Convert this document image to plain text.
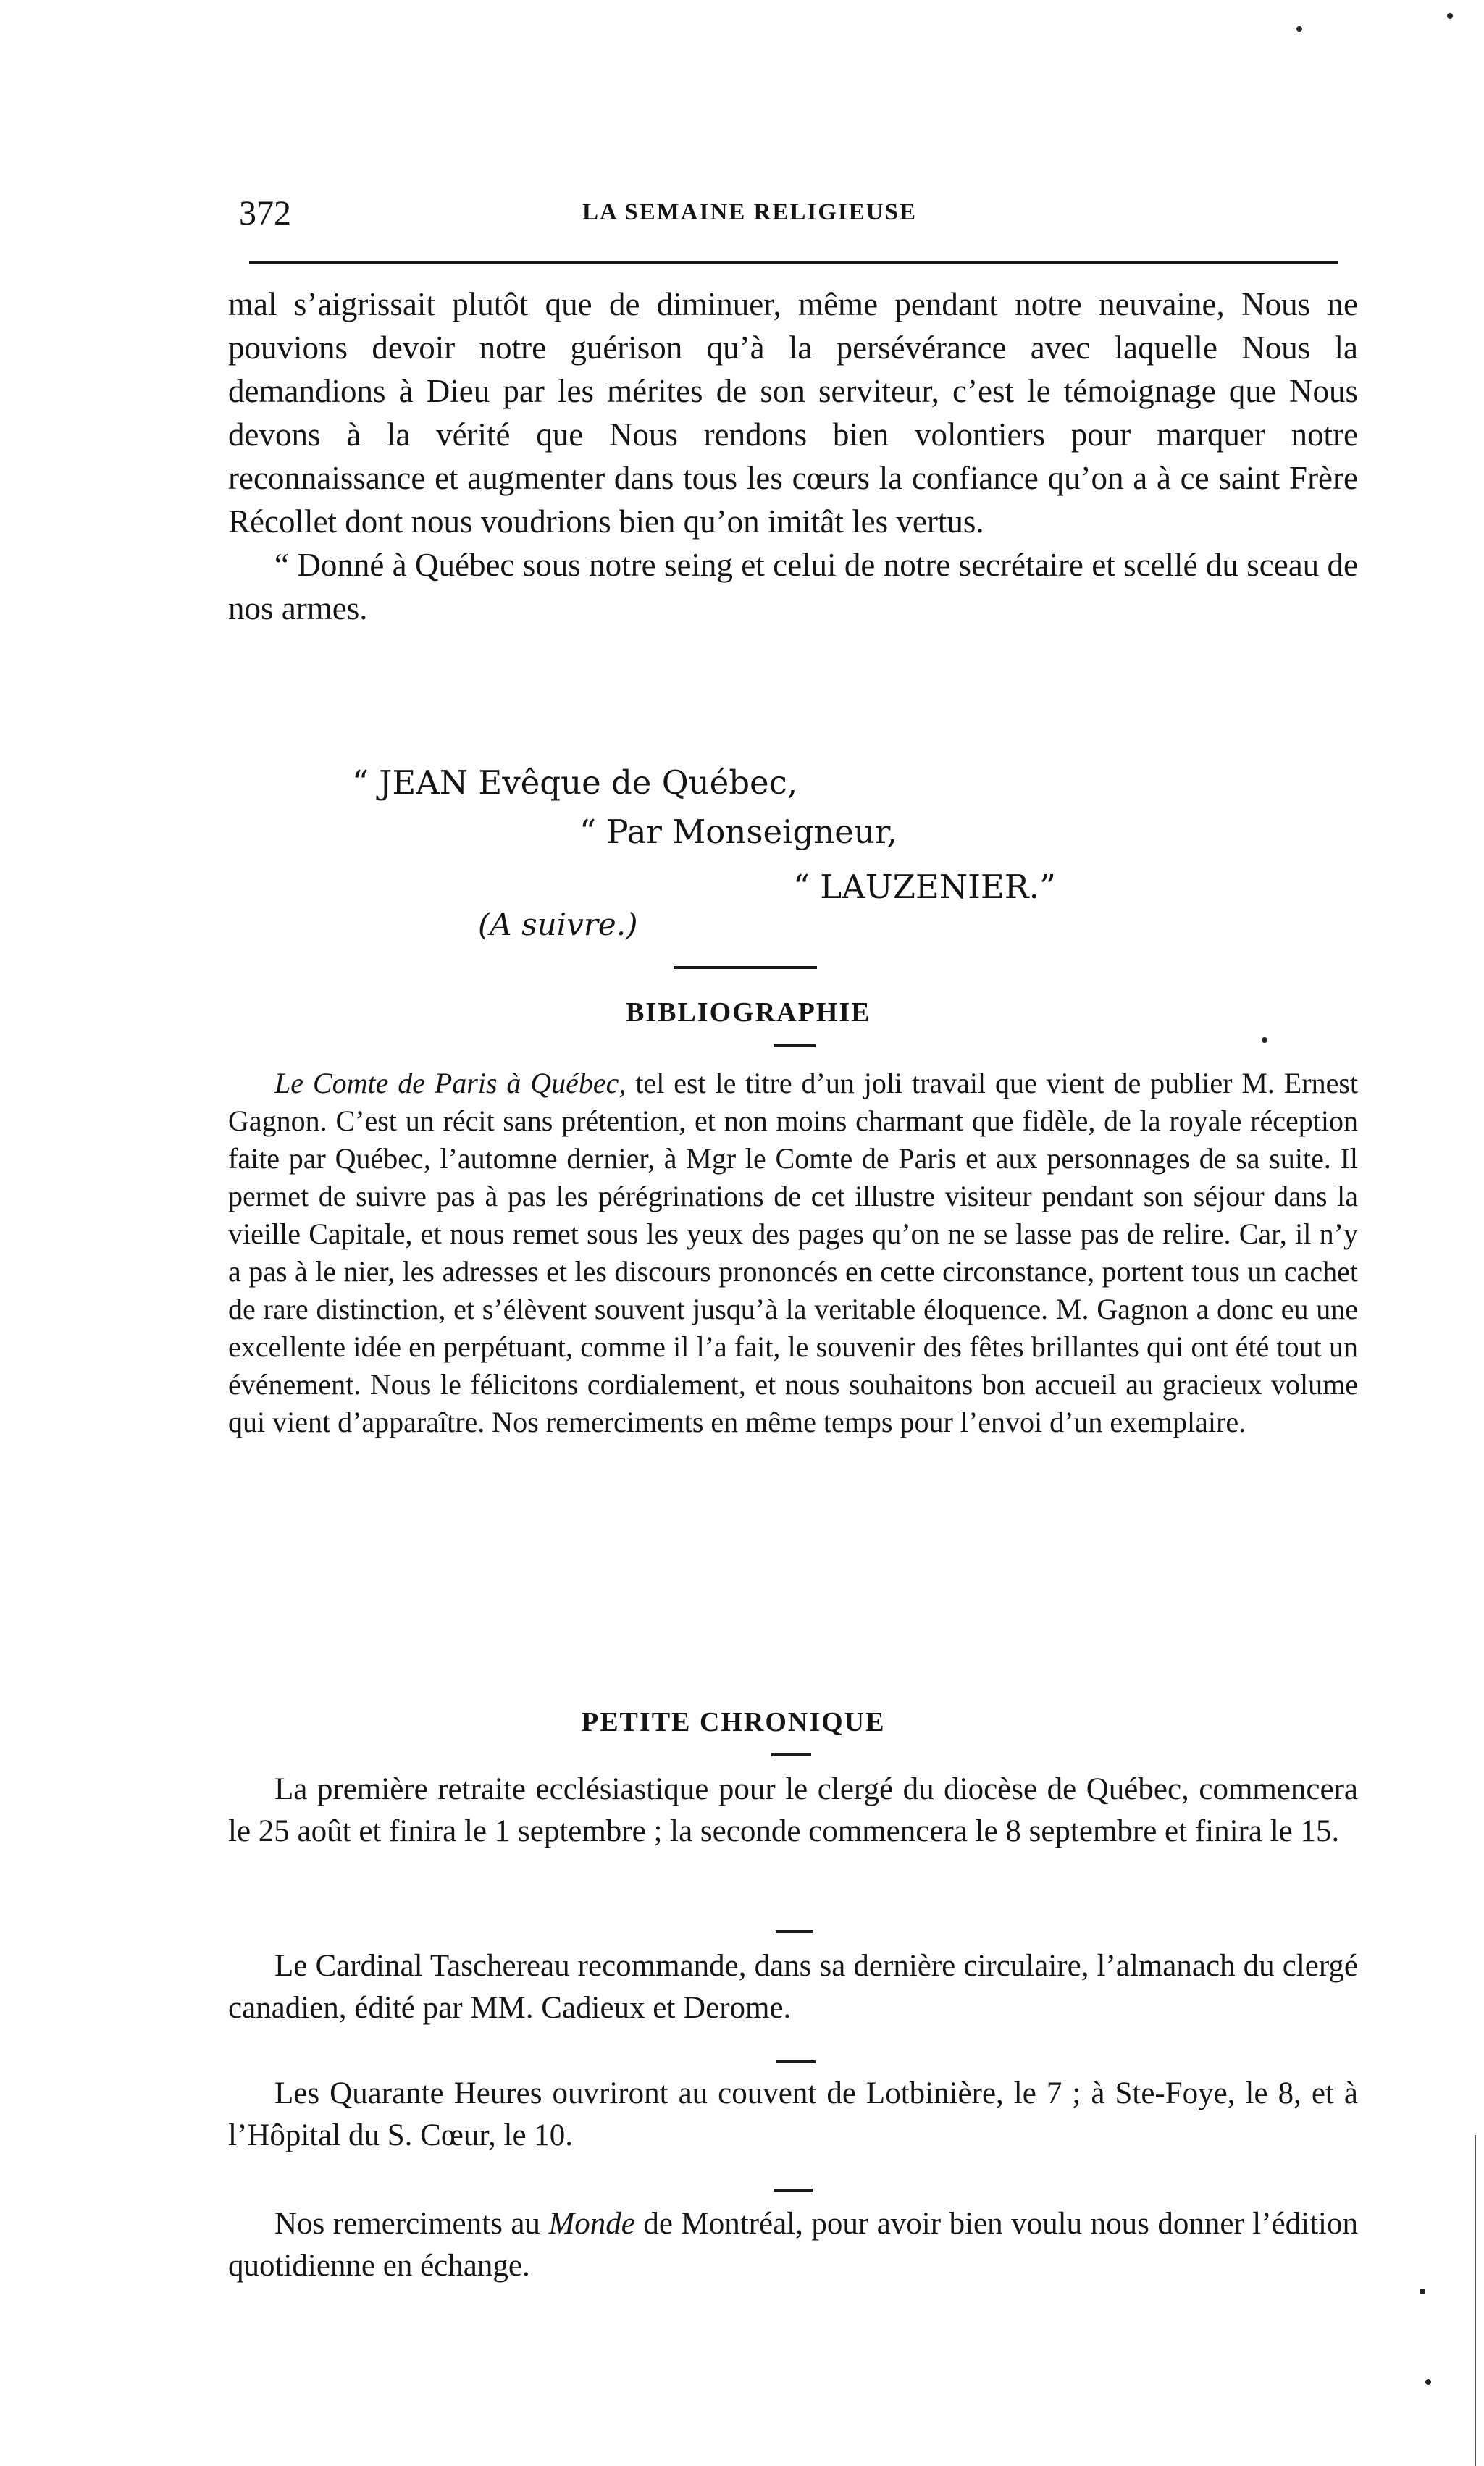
372	LA SEMAINE RELIGIEUSE

mal s’aigrissait plutôt que de diminuer, même pendant notre neuvaine, Nous ne pouvions devoir notre guérison qu’à la persévérance avec laquelle Nous la demandions à Dieu par les mérites de son serviteur, c’est le témoignage que Nous devons à la vérité que Nous rendons bien volontiers pour marquer notre reconnaissance et augmenter dans tous les cœurs la confiance qu’on a à ce saint Frère Récollet dont nous voudrions bien qu’on imitât les vertus.

“ Donné à Québec sous notre seing et celui de notre secrétaire et scellé du sceau de nos armes.

“ JEAN Evêque de Québec,
“ Par Monseigneur,
“ LAUZENIER.”
(A suivre.)
BIBLIOGRAPHIE

Le Comte de Paris à Québec, tel est le titre d’un joli travail que vient de publier M. Ernest Gagnon. C’est un récit sans prétention, et non moins charmant que fidèle, de la royale réception faite par Québec, l’automne dernier, à Mgr le Comte de Paris et aux personnages de sa suite. Il permet de suivre pas à pas les pérégrinations de cet illustre visiteur pendant son séjour dans la vieille Capitale, et nous remet sous les yeux des pages qu’on ne se lasse pas de relire. Car, il n’y a pas à le nier, les adresses et les discours prononcés en cette circonstance, portent tous un cachet de rare distinction, et s’élèvent souvent jusqu’à la veritable éloquence. M. Gagnon a donc eu une excellente idée en perpétuant, comme il l’a fait, le souvenir des fêtes brillantes qui ont été tout un événement. Nous le félicitons cordialement, et nous souhaitons bon accueil au gracieux volume qui vient d’apparaître. Nos remerciments en même temps pour l’envoi d’un exemplaire.

PETITE CHRONIQUE

La première retraite ecclésiastique pour le clergé du diocèse de Québec, commencera le 25 août et finira le 1 septembre ; la seconde commencera le 8 septembre et finira le 15.

Le Cardinal Taschereau recommande, dans sa dernière circulaire, l’almanach du clergé canadien, édité par MM. Cadieux et Derome.

Les Quarante Heures ouvriront au couvent de Lotbinière, le 7 ; à Ste-Foye, le 8, et à l’Hôpital du S. Cœur, le 10.

Nos remerciments au Monde de Montréal, pour avoir bien voulu nous donner l’édition quotidienne en échange.
